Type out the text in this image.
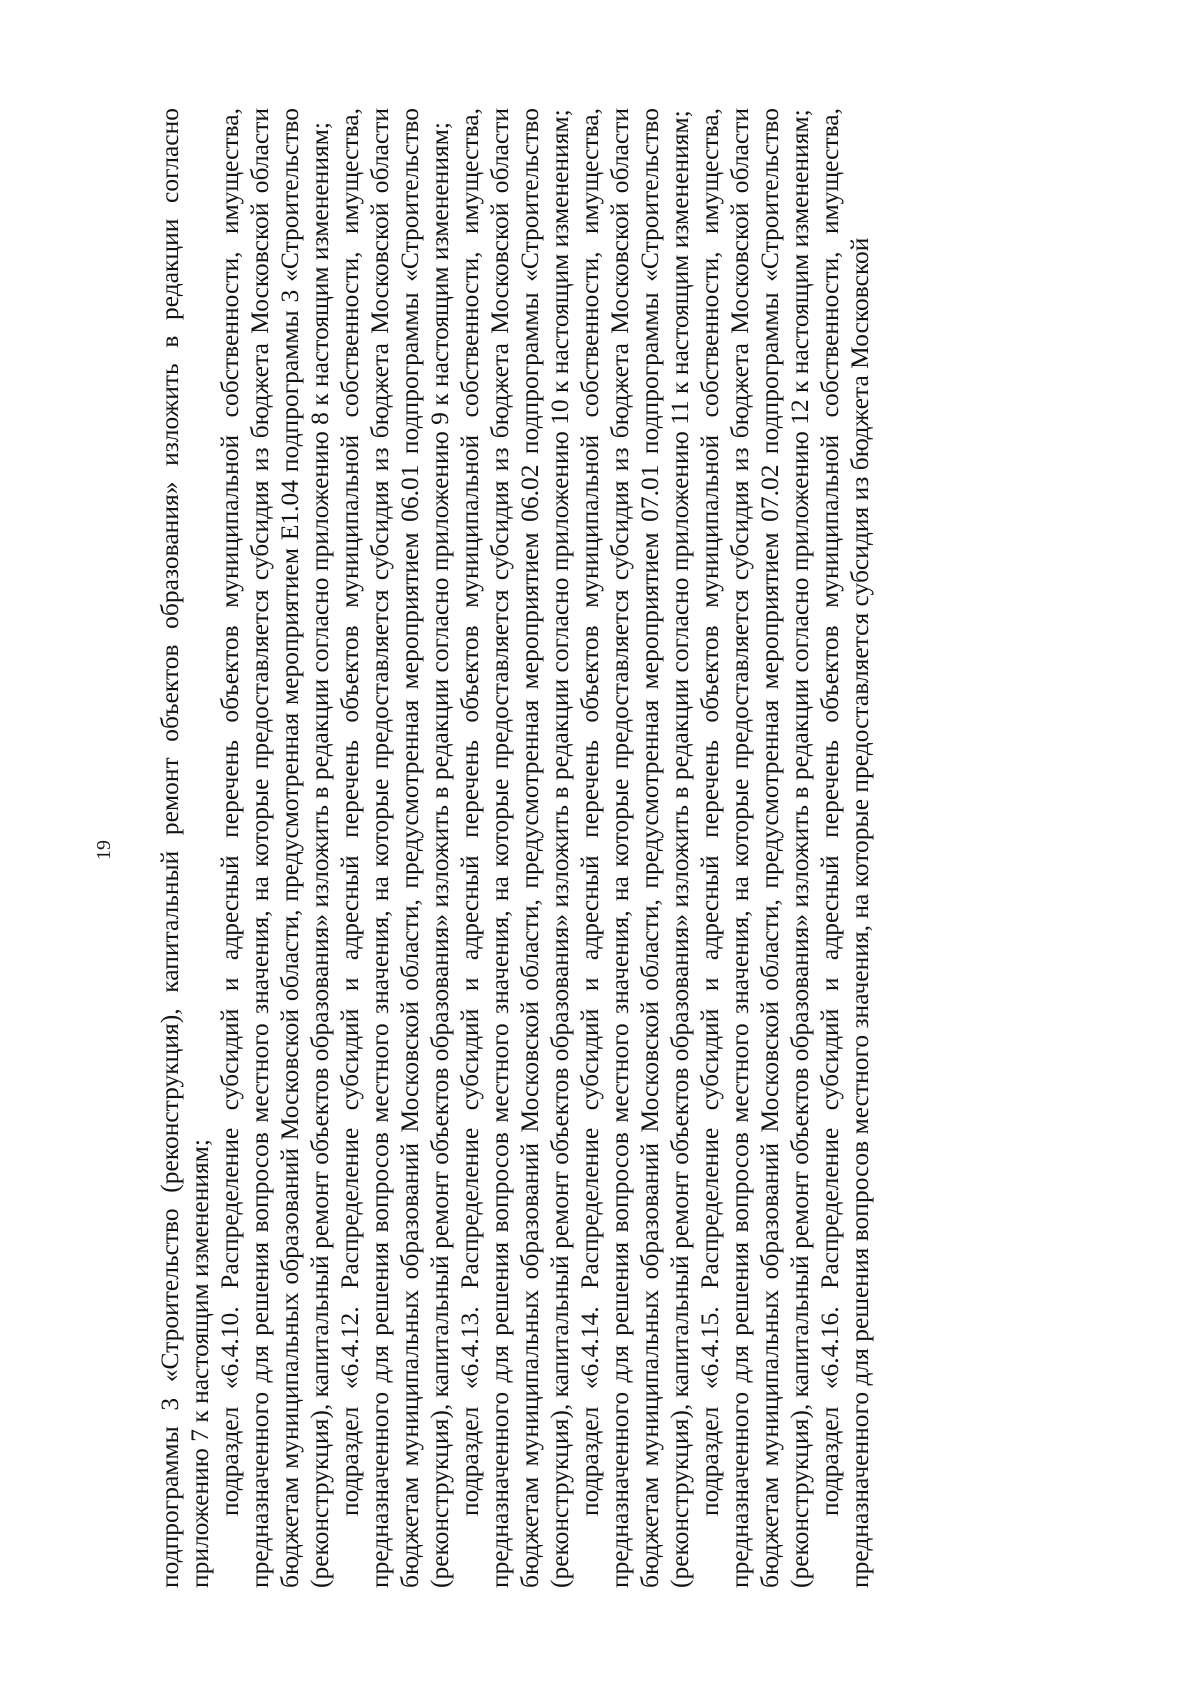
19 подпрограммы 3 «Строительство (реконструкция), капитальный ремонт объектов образования» изложить в редакции согласно приложению 7 к настоящим изменениям; подраздел «6.4.10. Распределение субсидий и адресный перечень объектов муниципальной собственности, имущества, предназначенного для решения вопросов местного значения, на которые предоставляется субсидия из бюджета Московской области бюджетам муниципальных образований Московской области, предусмотренная мероприятием Е1.04 подпрограммы 3 «Строительство (реконструкция), капитальный ремонт объектов образования» изложить в редакции согласно приложению 8 к настоящим изменениям; подраздел «6.4.12. Распределение субсидий и адресный перечень объектов муниципальной собственности, имущества, предназначенного для решения вопросов местного значения, на которые предоставляется субсидия из бюджета Московской области бюджетам муниципальных образований Московской области, предусмотренная мероприятием 06.01 подпрограммы «Строительство (реконструкция), капитальный ремонт объектов образования» изложить в редакции согласно приложению 9 к настоящим изменениям; подраздел «6.4.13. Распределение субсидий и адресный перечень объектов муниципальной собственности, имущества, предназначенного для решения вопросов местного значения, на которые предоставляется субсидия из бюджета Московской области бюджетам муниципальных образований Московской области, предусмотренная мероприятием 06.02 подпрограммы «Строительство (реконструкция), капитальный ремонт объектов образования» изложить в редакции согласно приложению 10 к настоящим изменениям; подраздел «6.4.14. Распределение субсидий и адресный перечень объектов муниципальной собственности, имущества, предназначенного для решения вопросов местного значения, на которые предоставляется субсидия из бюджета Московской области бюджетам муниципальных образований Московской области, предусмотренная мероприятием 07.01 подпрограммы «Строительство (реконструкция), капитальный ремонт объектов образования» изложить в редакции согласно приложению 11 к настоящим изменениям; подраздел «6.4.15. Распределение субсидий и адресный перечень объектов муниципальной собственности, имущества, предназначенного для решения вопросов местного значения, на которые предоставляется субсидия из бюджета Московской области бюджетам муниципальных образований Московской области, предусмотренная мероприятием 07.02 подпрограммы «Строительство (реконструкция), капитальный ремонт объектов образования» изложить в редакции согласно приложению 12 к настоящим изменениям; подраздел «6.4.16. Распределение субсидий и адресный перечень объектов муниципальной собственности, имущества, предназначенного для решения вопросов местного значения, на которые предоставляется субсидия из бюджета Московской
